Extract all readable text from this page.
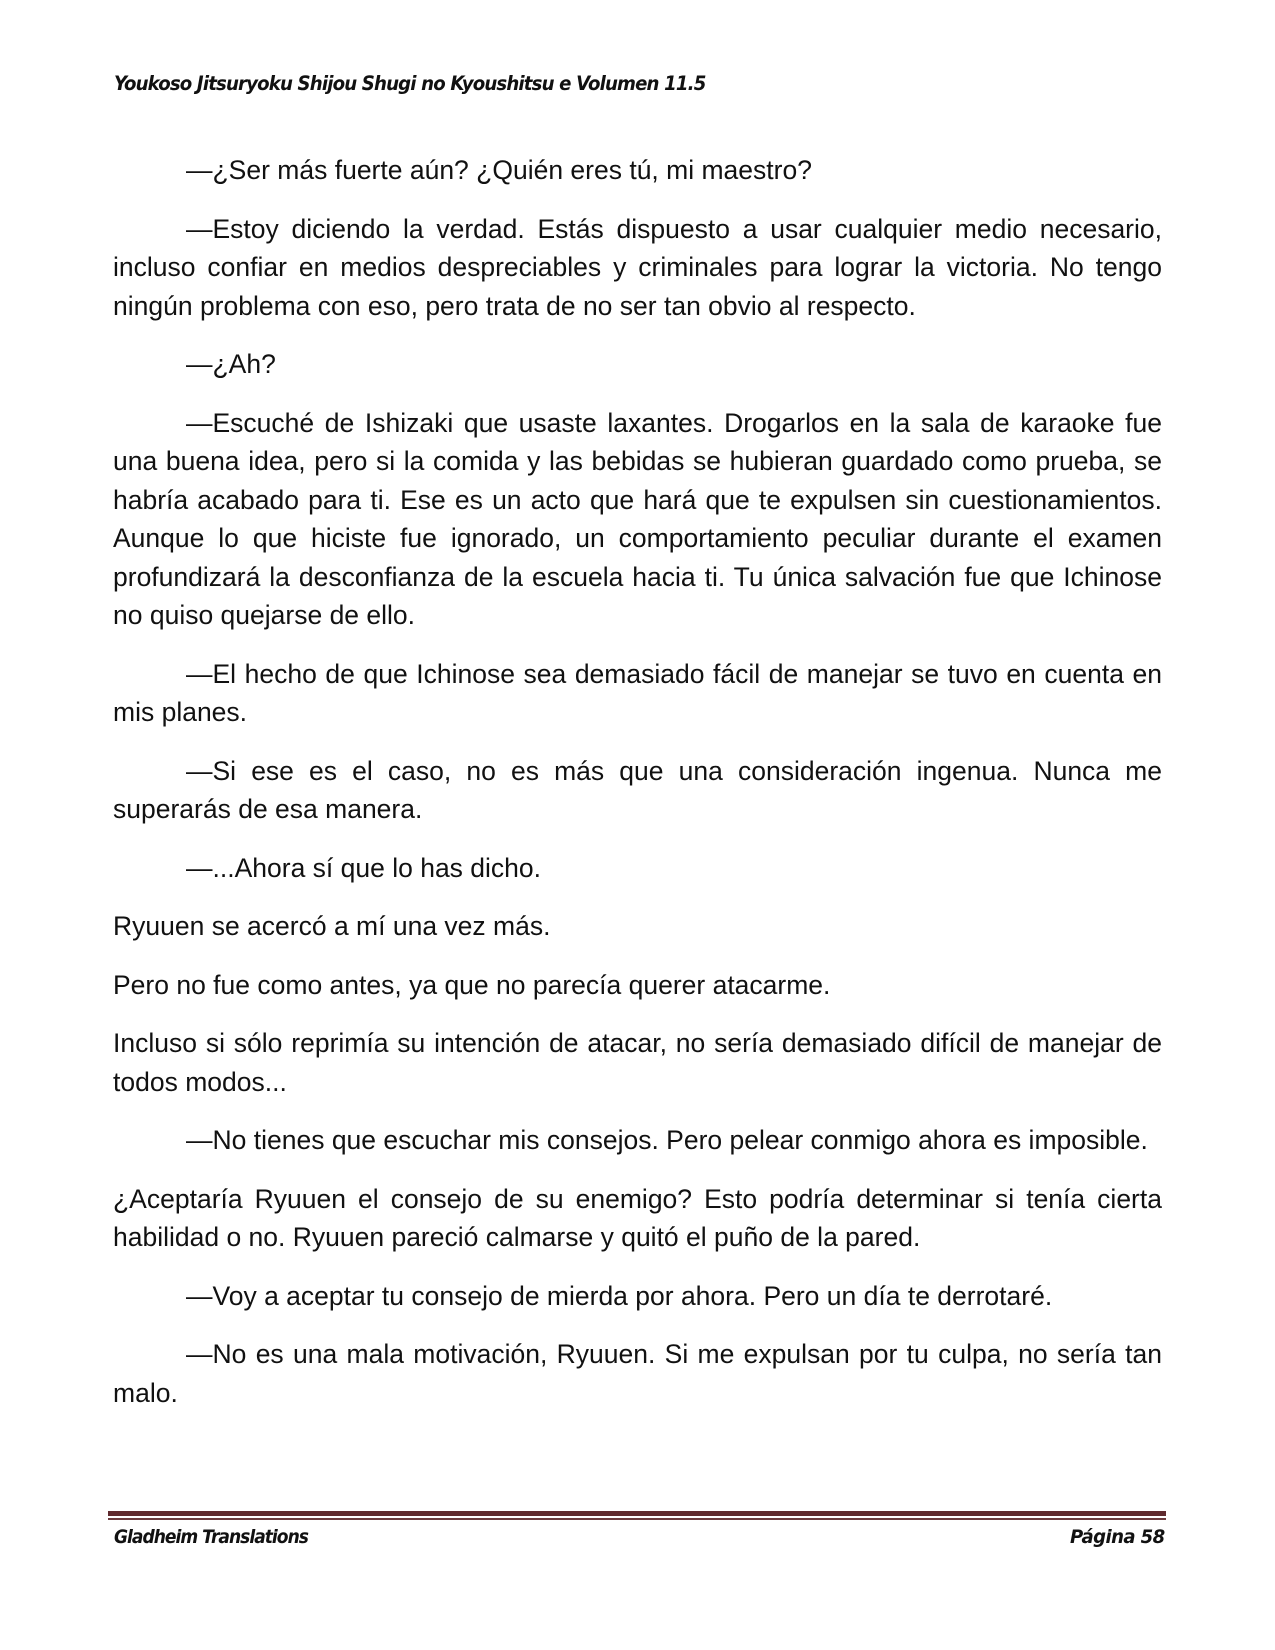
Youkoso Jitsuryoku Shijou Shugi no Kyoushitsu e Volumen 11.5

—¿Ser más fuerte aún? ¿Quién eres tú, mi maestro?

—Estoy diciendo la verdad. Estás dispuesto a usar cualquier medio necesario, incluso confiar en medios despreciables y criminales para lograr la victoria. No tengo ningún problema con eso, pero trata de no ser tan obvio al respecto.

—¿Ah?

—Escuché de Ishizaki que usaste laxantes. Drogarlos en la sala de karaoke fue una buena idea, pero si la comida y las bebidas se hubieran guardado como prueba, se habría acabado para ti. Ese es un acto que hará que te expulsen sin cuestionamientos. Aunque lo que hiciste fue ignorado, un comportamiento peculiar durante el examen profundizará la desconfianza de la escuela hacia ti. Tu única salvación fue que Ichinose no quiso quejarse de ello.

—El hecho de que Ichinose sea demasiado fácil de manejar se tuvo en cuenta en mis planes.

—Si ese es el caso, no es más que una consideración ingenua. Nunca me superarás de esa manera.

—...Ahora sí que lo has dicho.

Ryuuen se acercó a mí una vez más.

Pero no fue como antes, ya que no parecía querer atacarme.

Incluso si sólo reprimía su intención de atacar, no sería demasiado difícil de manejar de todos modos...

—No tienes que escuchar mis consejos. Pero pelear conmigo ahora es imposible.

¿Aceptaría Ryuuen el consejo de su enemigo? Esto podría determinar si tenía cierta habilidad o no. Ryuuen pareció calmarse y quitó el puño de la pared.

—Voy a aceptar tu consejo de mierda por ahora. Pero un día te derrotaré.

—No es una mala motivación, Ryuuen. Si me expulsan por tu culpa, no sería tan malo.

Gladheim Translations	Página 58
